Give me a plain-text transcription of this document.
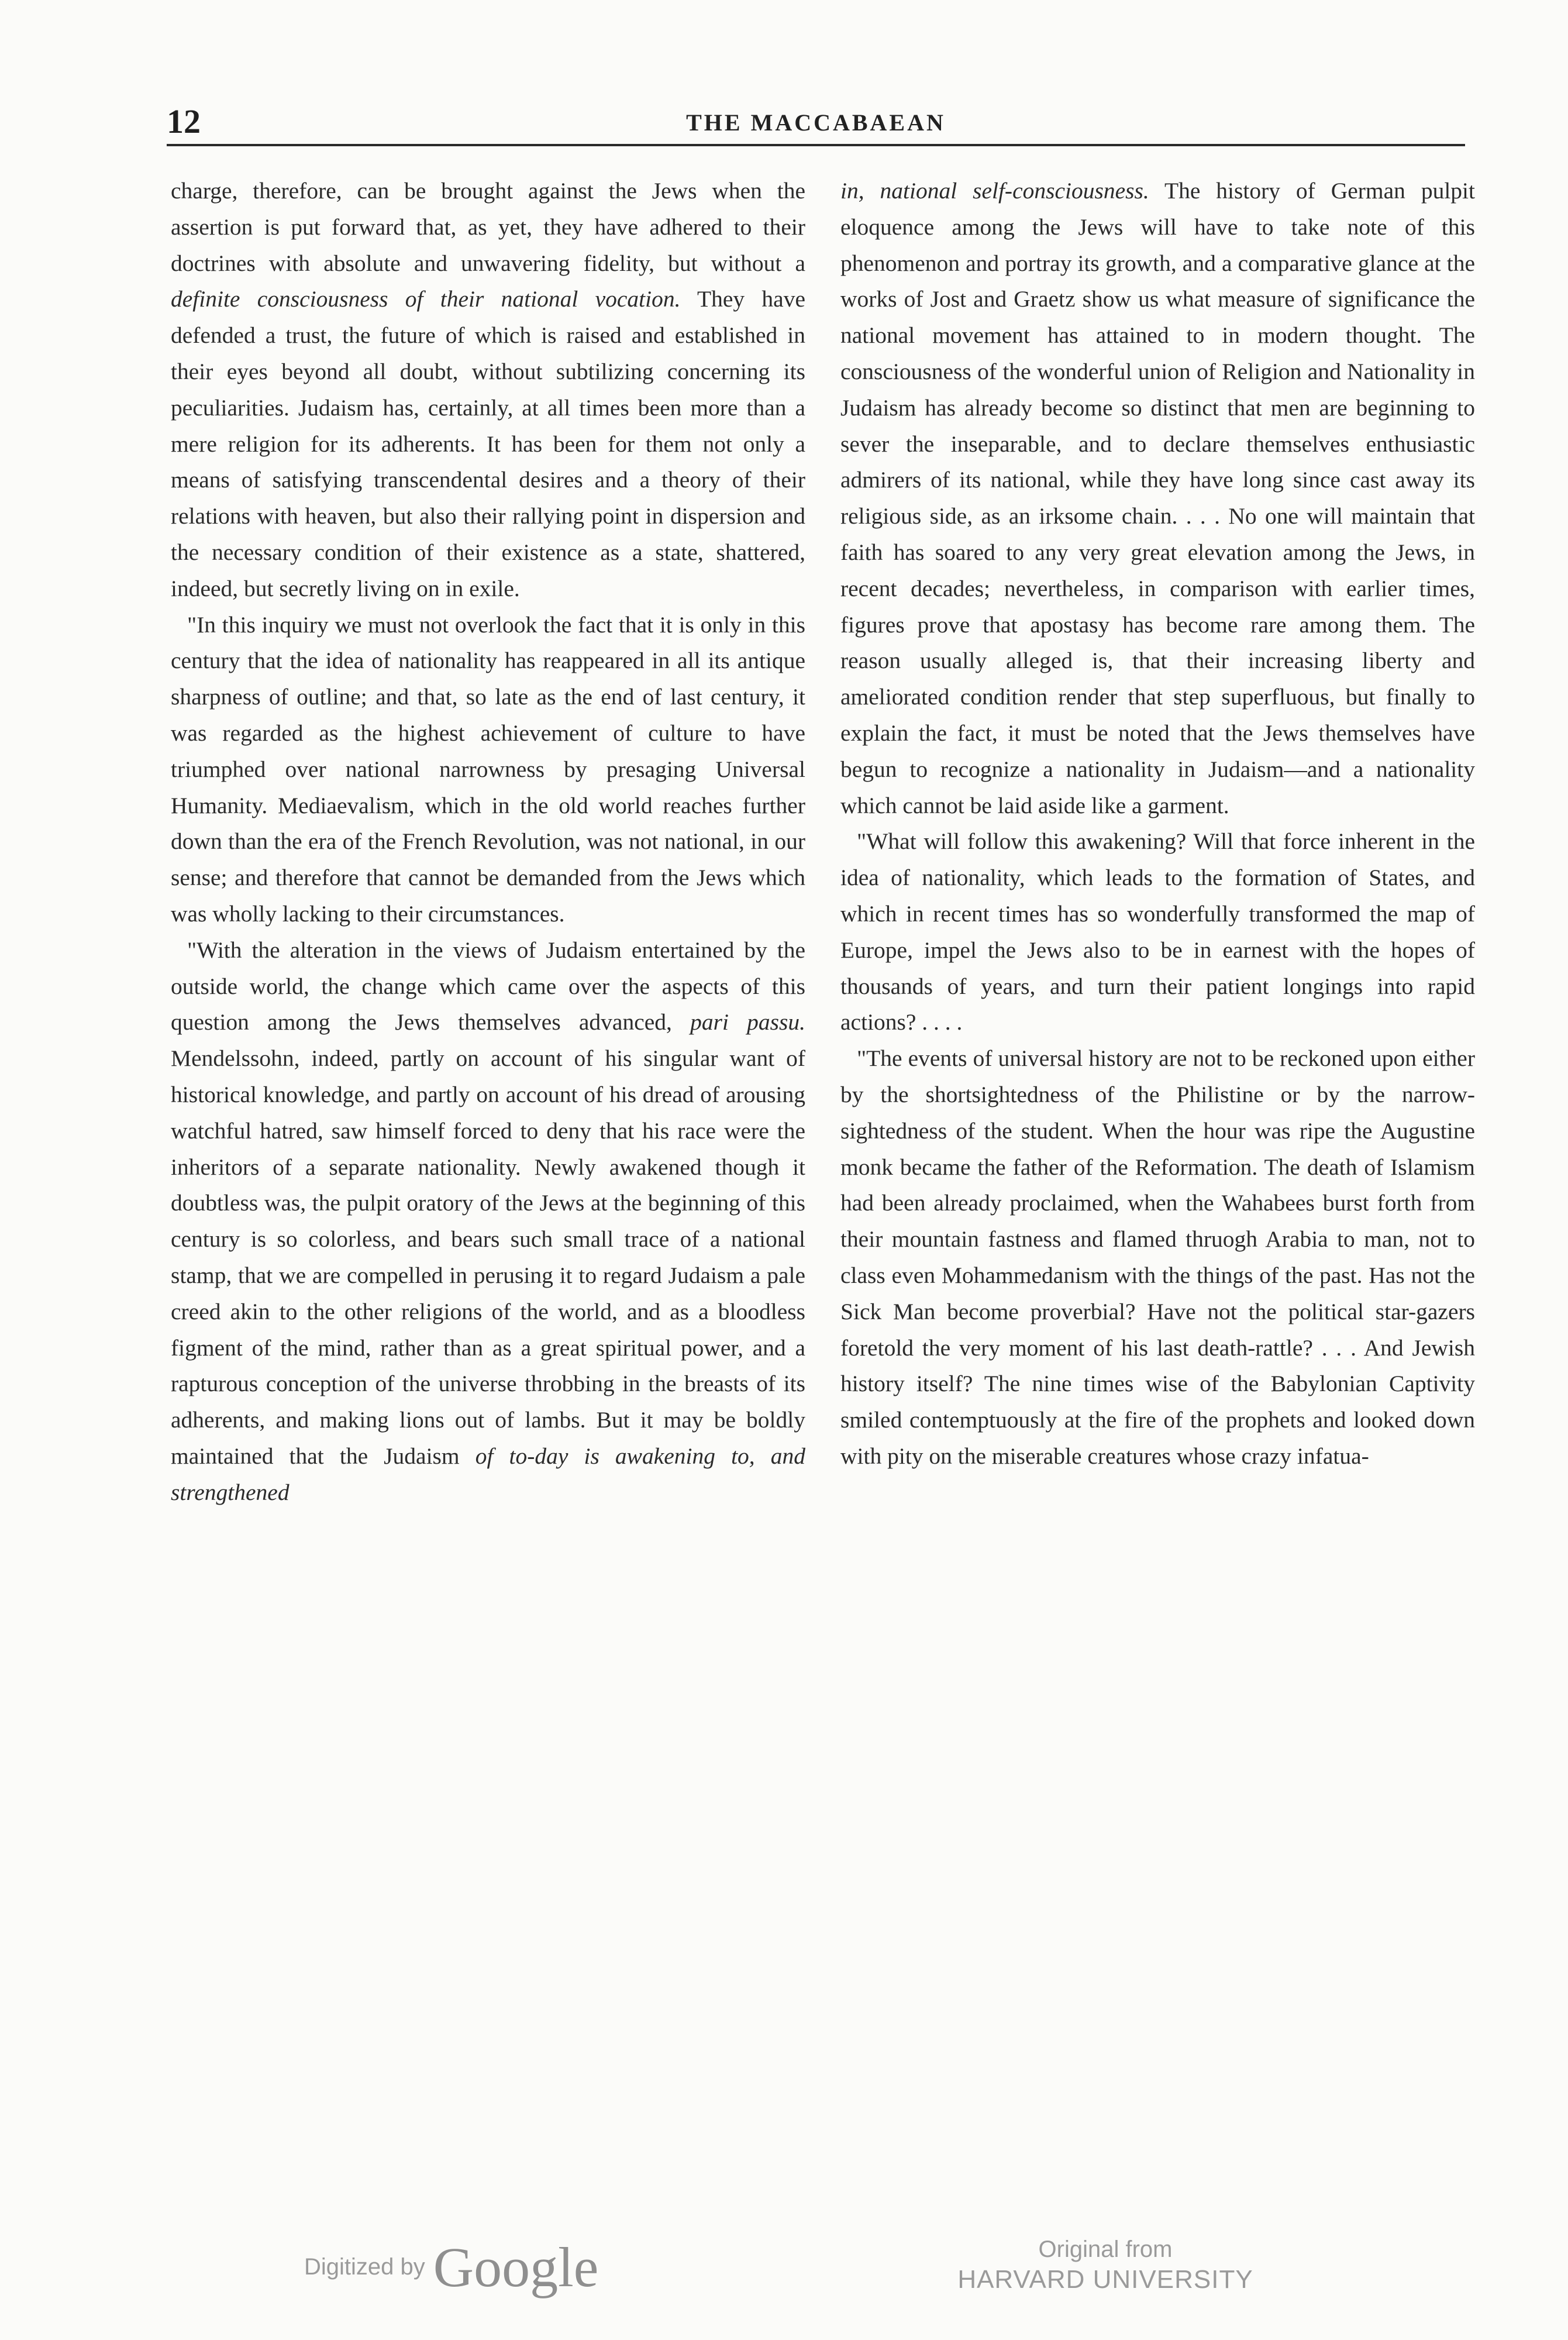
12	THE MACCABAEAN

charge, therefore, can be brought against the Jews when the assertion is put forward that, as yet, they have adhered to their doctrines with absolute and unwavering fidelity, but without a definite consciousness of their national vocation. They have defended a trust, the future of which is raised and established in their eyes beyond all doubt, without subtilizing concerning its peculiarities. Judaism has, certainly, at all times been more than a mere religion for its adherents. It has been for them not only a means of satisfying transcendental desires and a theory of their relations with heaven, but also their rallying point in dispersion and the necessary condition of their existence as a state, shattered, indeed, but secretly living on in exile.

"In this inquiry we must not overlook the fact that it is only in this century that the idea of nationality has reappeared in all its antique sharpness of outline; and that, so late as the end of last century, it was regarded as the highest achievement of culture to have triumphed over national narrowness by presaging Universal Humanity. Mediaevalism, which in the old world reaches further down than the era of the French Revolution, was not national, in our sense; and therefore that cannot be demanded from the Jews which was wholly lacking to their circumstances.

"With the alteration in the views of Judaism entertained by the outside world, the change which came over the aspects of this question among the Jews themselves advanced, pari passu. Mendelssohn, indeed, partly on account of his singular want of historical knowledge, and partly on account of his dread of arousing watchful hatred, saw himself forced to deny that his race were the inheritors of a separate nationality. Newly awakened though it doubtless was, the pulpit oratory of the Jews at the beginning of this century is so colorless, and bears such small trace of a national stamp, that we are compelled in perusing it to regard Judaism a pale creed akin to the other religions of the world, and as a bloodless figment of the mind, rather than as a great spiritual power, and a rapturous conception of the universe throbbing in the breasts of its adherents, and making lions out of lambs. But it may be boldly maintained that the Judaism of to-day is awakening to, and strengthened

in, national self-consciousness. The history of German pulpit eloquence among the Jews will have to take note of this phenomenon and portray its growth, and a comparative glance at the works of Jost and Graetz show us what measure of significance the national movement has attained to in modern thought. The consciousness of the wonderful union of Religion and Nationality in Judaism has already become so distinct that men are beginning to sever the inseparable, and to declare themselves enthusiastic admirers of its national, while they have long since cast away its religious side, as an irksome chain. . . . No one will maintain that faith has soared to any very great elevation among the Jews, in recent decades; nevertheless, in comparison with earlier times, figures prove that apostasy has become rare among them. The reason usually alleged is, that their increasing liberty and ameliorated condition render that step superfluous, but finally to explain the fact, it must be noted that the Jews themselves have begun to recognize a nationality in Judaism—and a nationality which cannot be laid aside like a garment.

"What will follow this awakening? Will that force inherent in the idea of nationality, which leads to the formation of States, and which in recent times has so wonderfully transformed the map of Europe, impel the Jews also to be in earnest with the hopes of thousands of years, and turn their patient longings into rapid actions? . . . .

"The events of universal history are not to be reckoned upon either by the shortsightedness of the Philistine or by the narrow-sightedness of the student. When the hour was ripe the Augustine monk became the father of the Reformation. The death of Islamism had been already proclaimed, when the Wahabees burst forth from their mountain fastness and flamed thruogh Arabia to man, not to class even Mohammedanism with the things of the past. Has not the Sick Man become proverbial? Have not the political star-gazers foretold the very moment of his last death-rattle? . . . And Jewish history itself? The nine times wise of the Babylonian Captivity smiled contemptuously at the fire of the prophets and looked down with pity on the miserable creatures whose crazy infatua-

Digitized by Google	Original from
HARVARD UNIVERSITY
